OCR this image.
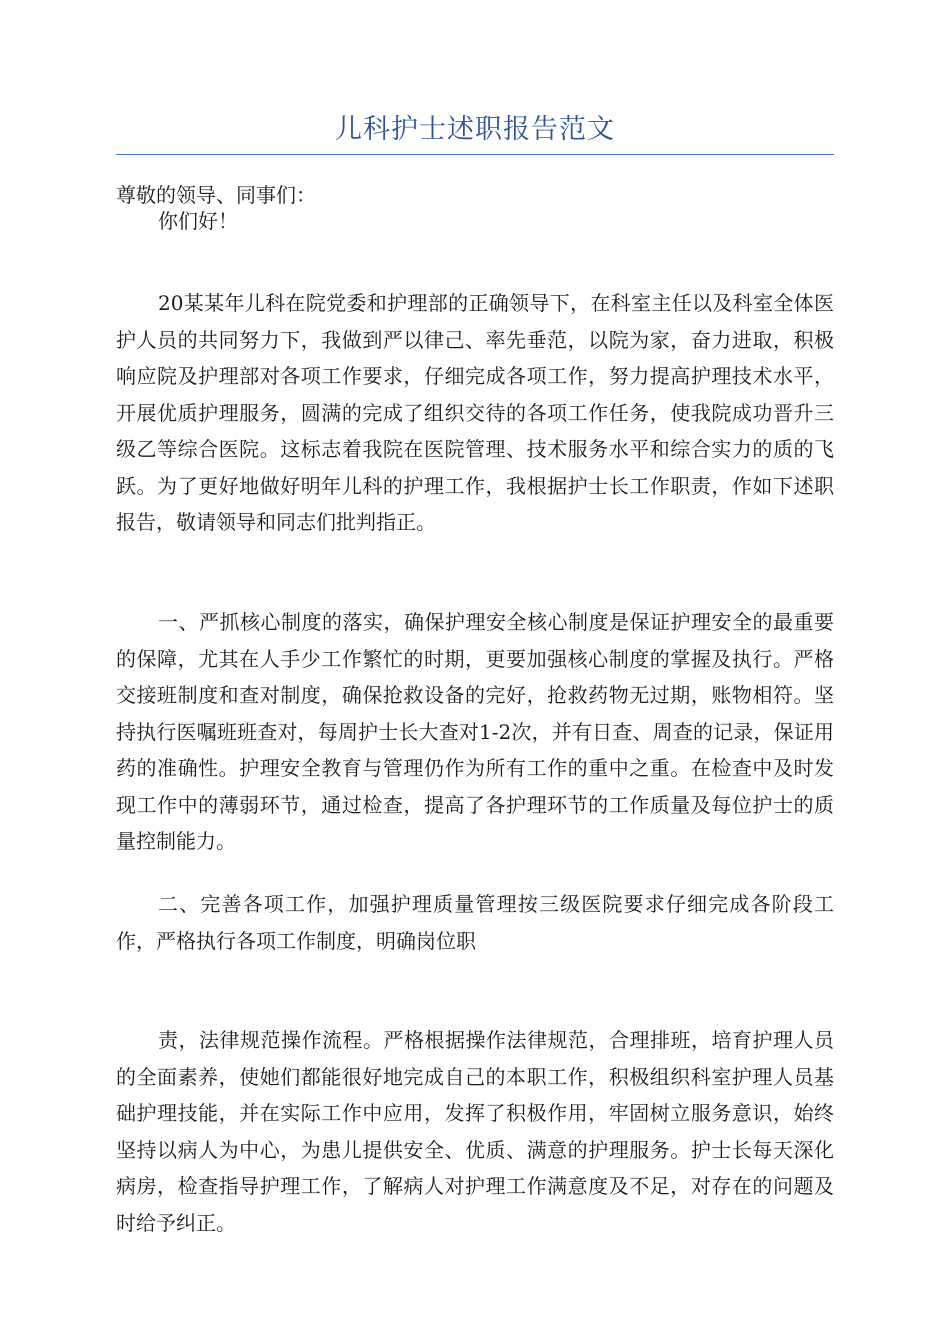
儿科护士述职报告范文

尊敬的领导、同事们：

你们好！

20某某年儿科在院党委和护理部的正确领导下，在科室主任以及科室全体医护人员的共同努力下，我做到严以律己、率先垂范，以院为家，奋力进取，积极响应院及护理部对各项工作要求，仔细完成各项工作，努力提高护理技术水平，开展优质护理服务，圆满的完成了组织交待的各项工作任务，使我院成功晋升三级乙等综合医院。这标志着我院在医院管理、技术服务水平和综合实力的质的飞跃。为了更好地做好明年儿科的护理工作，我根据护士长工作职责，作如下述职报告，敬请领导和同志们批判指正。

一、严抓核心制度的落实，确保护理安全核心制度是保证护理安全的最重要的保障，尤其在人手少工作繁忙的时期，更要加强核心制度的掌握及执行。严格交接班制度和查对制度，确保抢救设备的完好，抢救药物无过期，账物相符。坚持执行医嘱班班查对，每周护士长大查对1-2次，并有日查、周查的记录，保证用药的准确性。护理安全教育与管理仍作为所有工作的重中之重。在检查中及时发现工作中的薄弱环节，通过检查，提高了各护理环节的工作质量及每位护士的质量控制能力。

二、完善各项工作，加强护理质量管理按三级医院要求仔细完成各阶段工作，严格执行各项工作制度，明确岗位职

责，法律规范操作流程。严格根据操作法律规范，合理排班，培育护理人员的全面素养，使她们都能很好地完成自己的本职工作，积极组织科室护理人员基础护理技能，并在实际工作中应用，发挥了积极作用，牢固树立服务意识，始终坚持以病人为中心，为患儿提供安全、优质、满意的护理服务。护士长每天深化病房，检查指导护理工作，了解病人对护理工作满意度及不足，对存在的问题及时给予纠正。
